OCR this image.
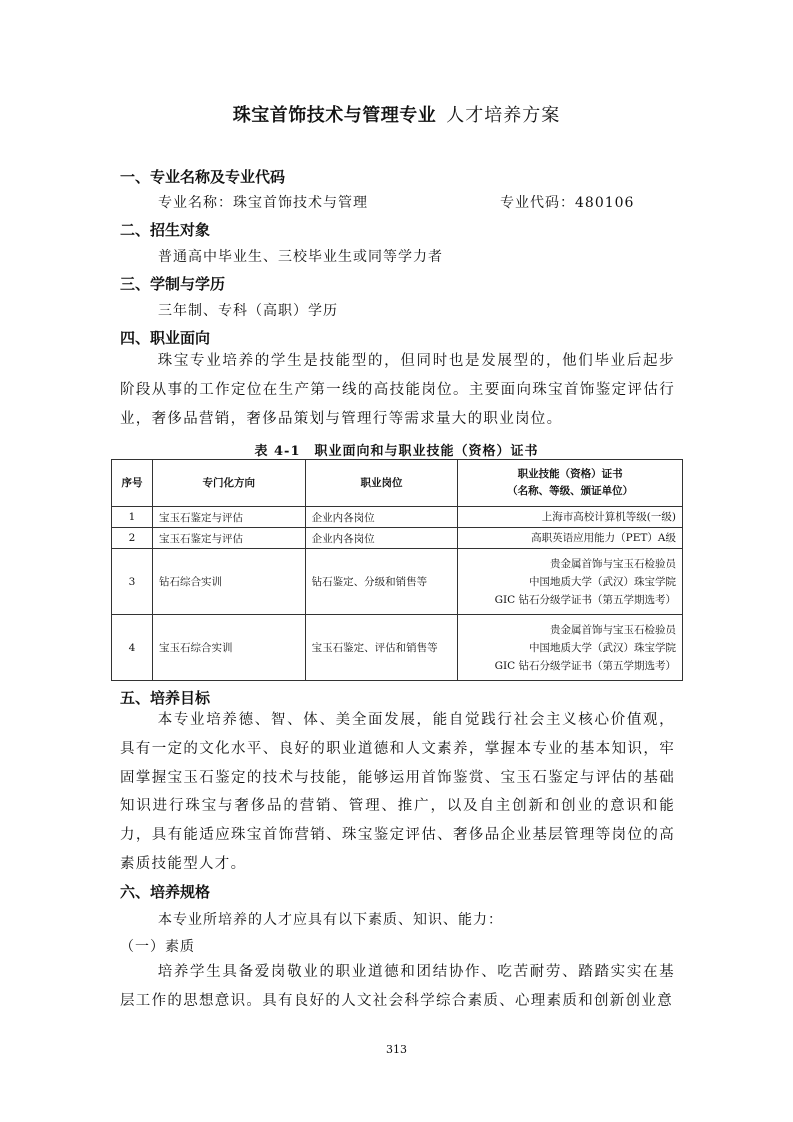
珠宝首饰技术与管理专业 人才培养方案
一、专业名称及专业代码
专业名称：珠宝首饰技术与管理	专业代码：480106
二、招生对象
普通高中毕业生、三校毕业生或同等学力者
三、学制与学历
三年制、专科（高职）学历
四、职业面向
珠宝专业培养的学生是技能型的，但同时也是发展型的，他们毕业后起步阶段从事的工作定位在生产第一线的高技能岗位。主要面向珠宝首饰鉴定评估行业，奢侈品营销，奢侈品策划与管理行等需求量大的职业岗位。
表 4-1　职业面向和与职业技能（资格）证书
序号	专门化方向	职业岗位	职业技能（资格）证书
（名称、等级、颁证单位）

1	宝玉石鉴定与评估	企业内各岗位	上海市高校计算机等级(一级)

2	宝玉石鉴定与评估	企业内各岗位	高职英语应用能力（PET）A级

3	钻石综合实训	钻石鉴定、分级和销售等	贵金属首饰与宝玉石检验员
中国地质大学（武汉）珠宝学院
GIC 钻石分级学证书（第五学期选考）

4	宝玉石综合实训	宝玉石鉴定、评估和销售等	贵金属首饰与宝玉石检验员
中国地质大学（武汉）珠宝学院
GIC 钻石分级学证书（第五学期选考）
五、培养目标
本专业培养德、智、体、美全面发展，能自觉践行社会主义核心价值观，具有一定的文化水平、良好的职业道德和人文素养，掌握本专业的基本知识，牢固掌握宝玉石鉴定的技术与技能，能够运用首饰鉴赏、宝玉石鉴定与评估的基础知识进行珠宝与奢侈品的营销、管理、推广，以及自主创新和创业的意识和能力，具有能适应珠宝首饰营销、珠宝鉴定评估、奢侈品企业基层管理等岗位的高素质技能型人才。
六、培养规格
本专业所培养的人才应具有以下素质、知识、能力：
（一）素质
培养学生具备爱岗敬业的职业道德和团结协作、吃苦耐劳、踏踏实实在基层工作的思想意识。具有良好的人文社会科学综合素质、心理素质和创新创业意
313
